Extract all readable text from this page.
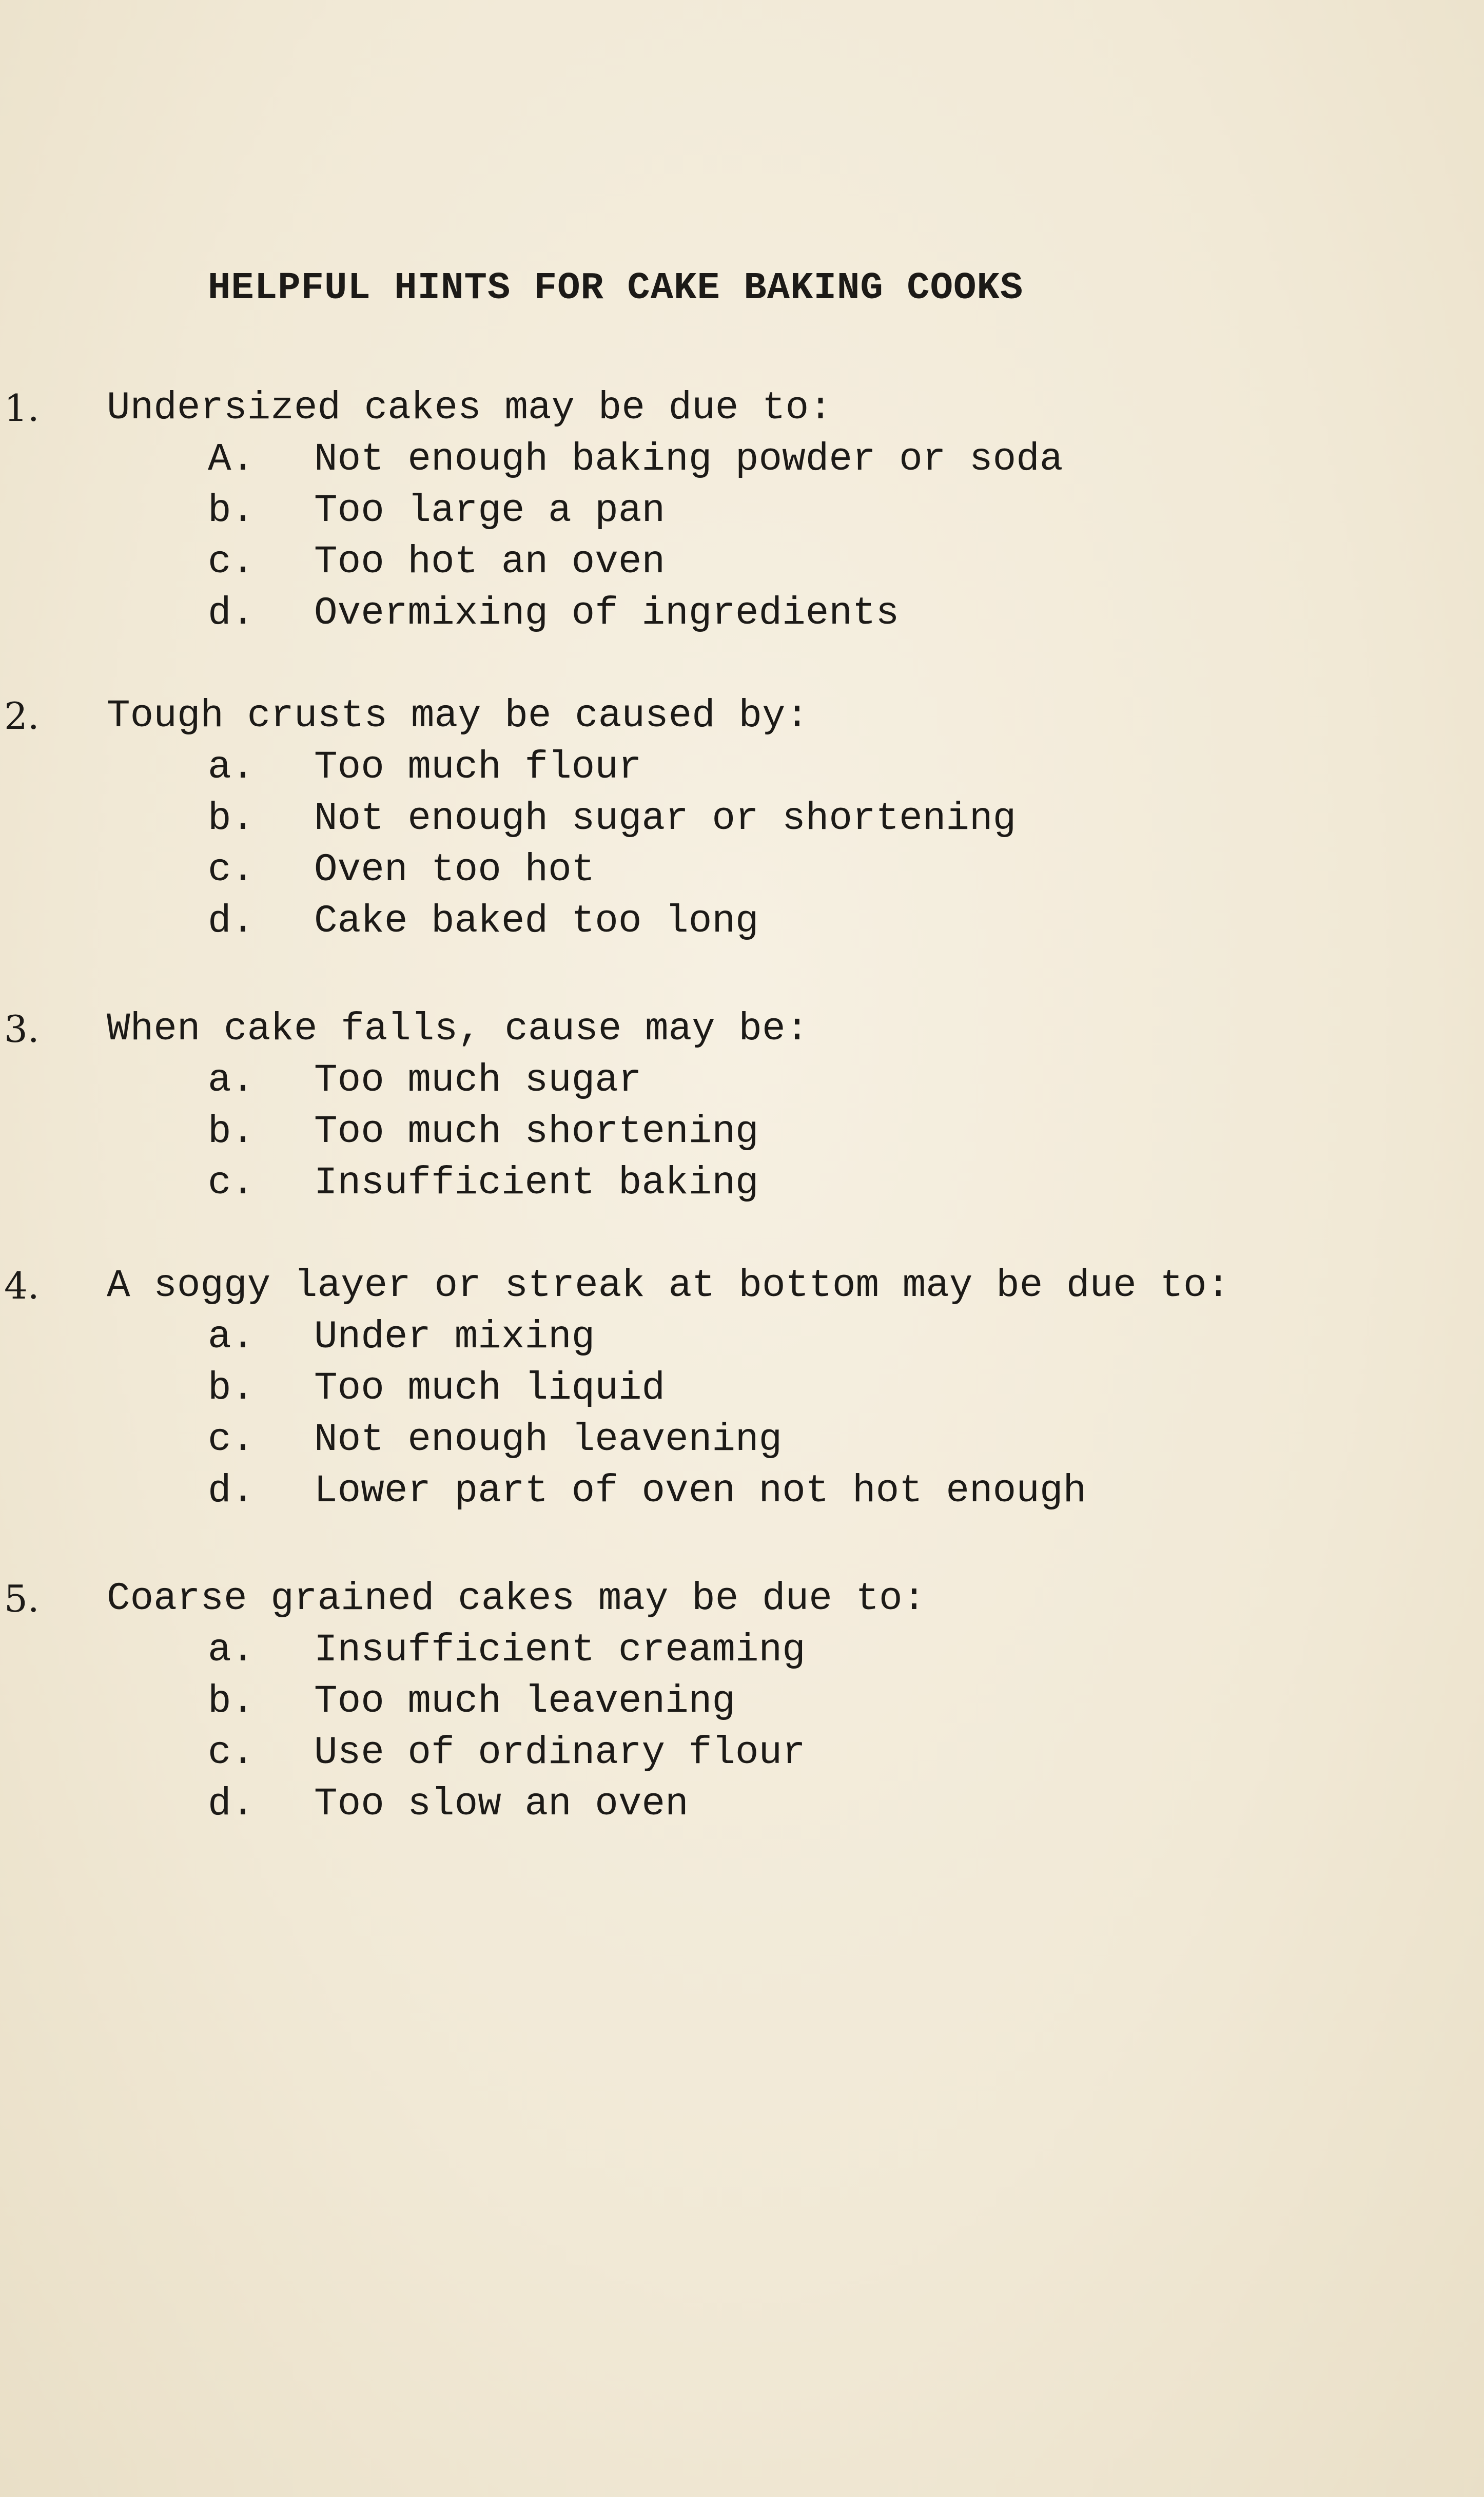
HELPFUL HINTS FOR CAKE BAKING COOKS
1. Undersized cakes may be due to:
A. Not enough baking powder or soda
b. Too large a pan
c. Too hot an oven
d. Overmixing of ingredients
2. Tough crusts may be caused by:
a. Too much flour
b. Not enough sugar or shortening
c. Oven too hot
d. Cake baked too long
3. When cake falls, cause may be:
a. Too much sugar
b. Too much shortening
c. Insufficient baking
4. A soggy layer or streak at bottom may be due to:
a. Under mixing
b. Too much liquid
c. Not enough leavening
d. Lower part of oven not hot enough
5. Coarse grained cakes may be due to:
a. Insufficient creaming
b. Too much leavening
c. Use of ordinary flour
d. Too slow an oven
